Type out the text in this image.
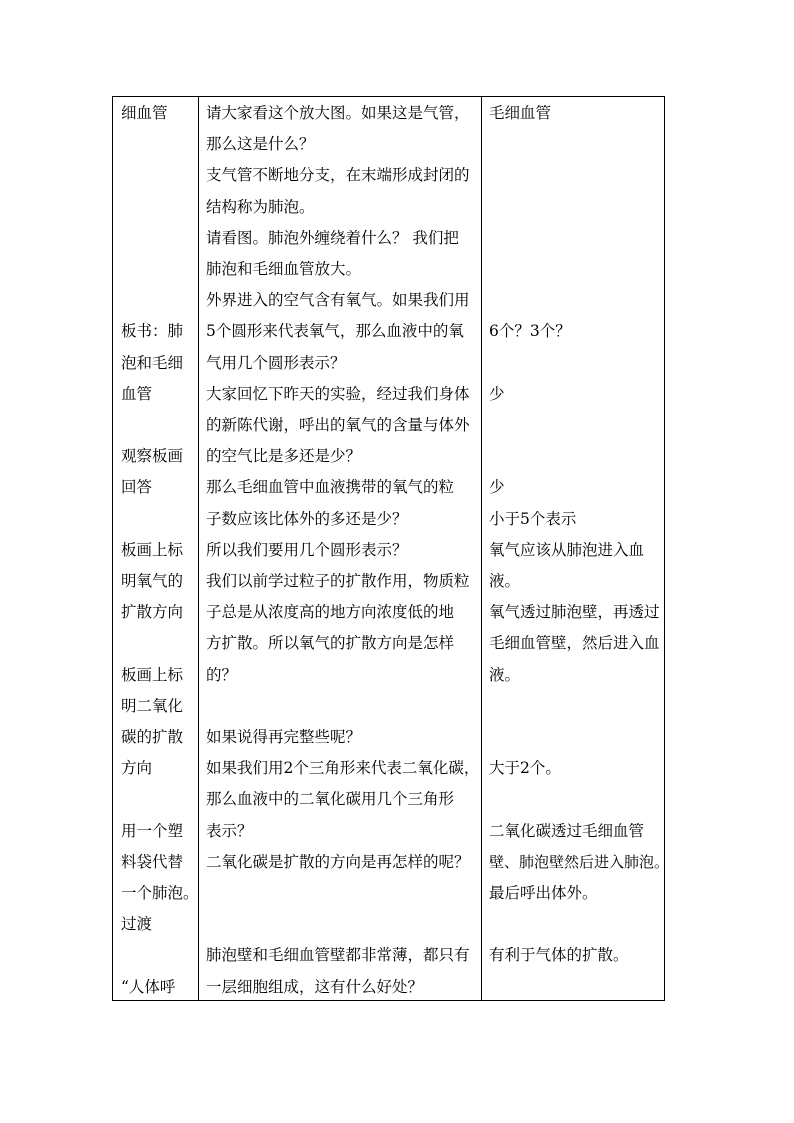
细血管
板书：肺
泡和毛细
血管
观察板画
回答
板画上标
明氧气的
扩散方向
板画上标
明二氧化
碳的扩散
方向
用一个塑
料袋代替
一个肺泡。
过渡
“人体呼
请大家看这个放大图。如果这是气管，
那么这是什么？
支气管不断地分支，在末端形成封闭的
结构称为肺泡。
请看图。肺泡外缠绕着什么？ 我们把
肺泡和毛细血管放大。
外界进入的空气含有氧气。如果我们用
5个圆形来代表氧气，那么血液中的氧
气用几个圆形表示？
大家回忆下昨天的实验，经过我们身体
的新陈代谢，呼出的氧气的含量与体外
的空气比是多还是少？
那么毛细血管中血液携带的氧气的粒
子数应该比体外的多还是少？
所以我们要用几个圆形表示？
我们以前学过粒子的扩散作用，物质粒
子总是从浓度高的地方向浓度低的地
方扩散。所以氧气的扩散方向是怎样
的？
如果说得再完整些呢？
如果我们用2个三角形来代表二氧化碳，
那么血液中的二氧化碳用几个三角形
表示？
二氧化碳是扩散的方向是再怎样的呢？
肺泡壁和毛细血管壁都非常薄，都只有
一层细胞组成，这有什么好处？
毛细血管
6个？3个？
少
少
小于5个表示
氧气应该从肺泡进入血
液。
氧气透过肺泡壁，再透过
毛细血管壁，然后进入血
液。
大于2个。
二氧化碳透过毛细血管
壁、肺泡壁然后进入肺泡。
最后呼出体外。
有利于气体的扩散。
